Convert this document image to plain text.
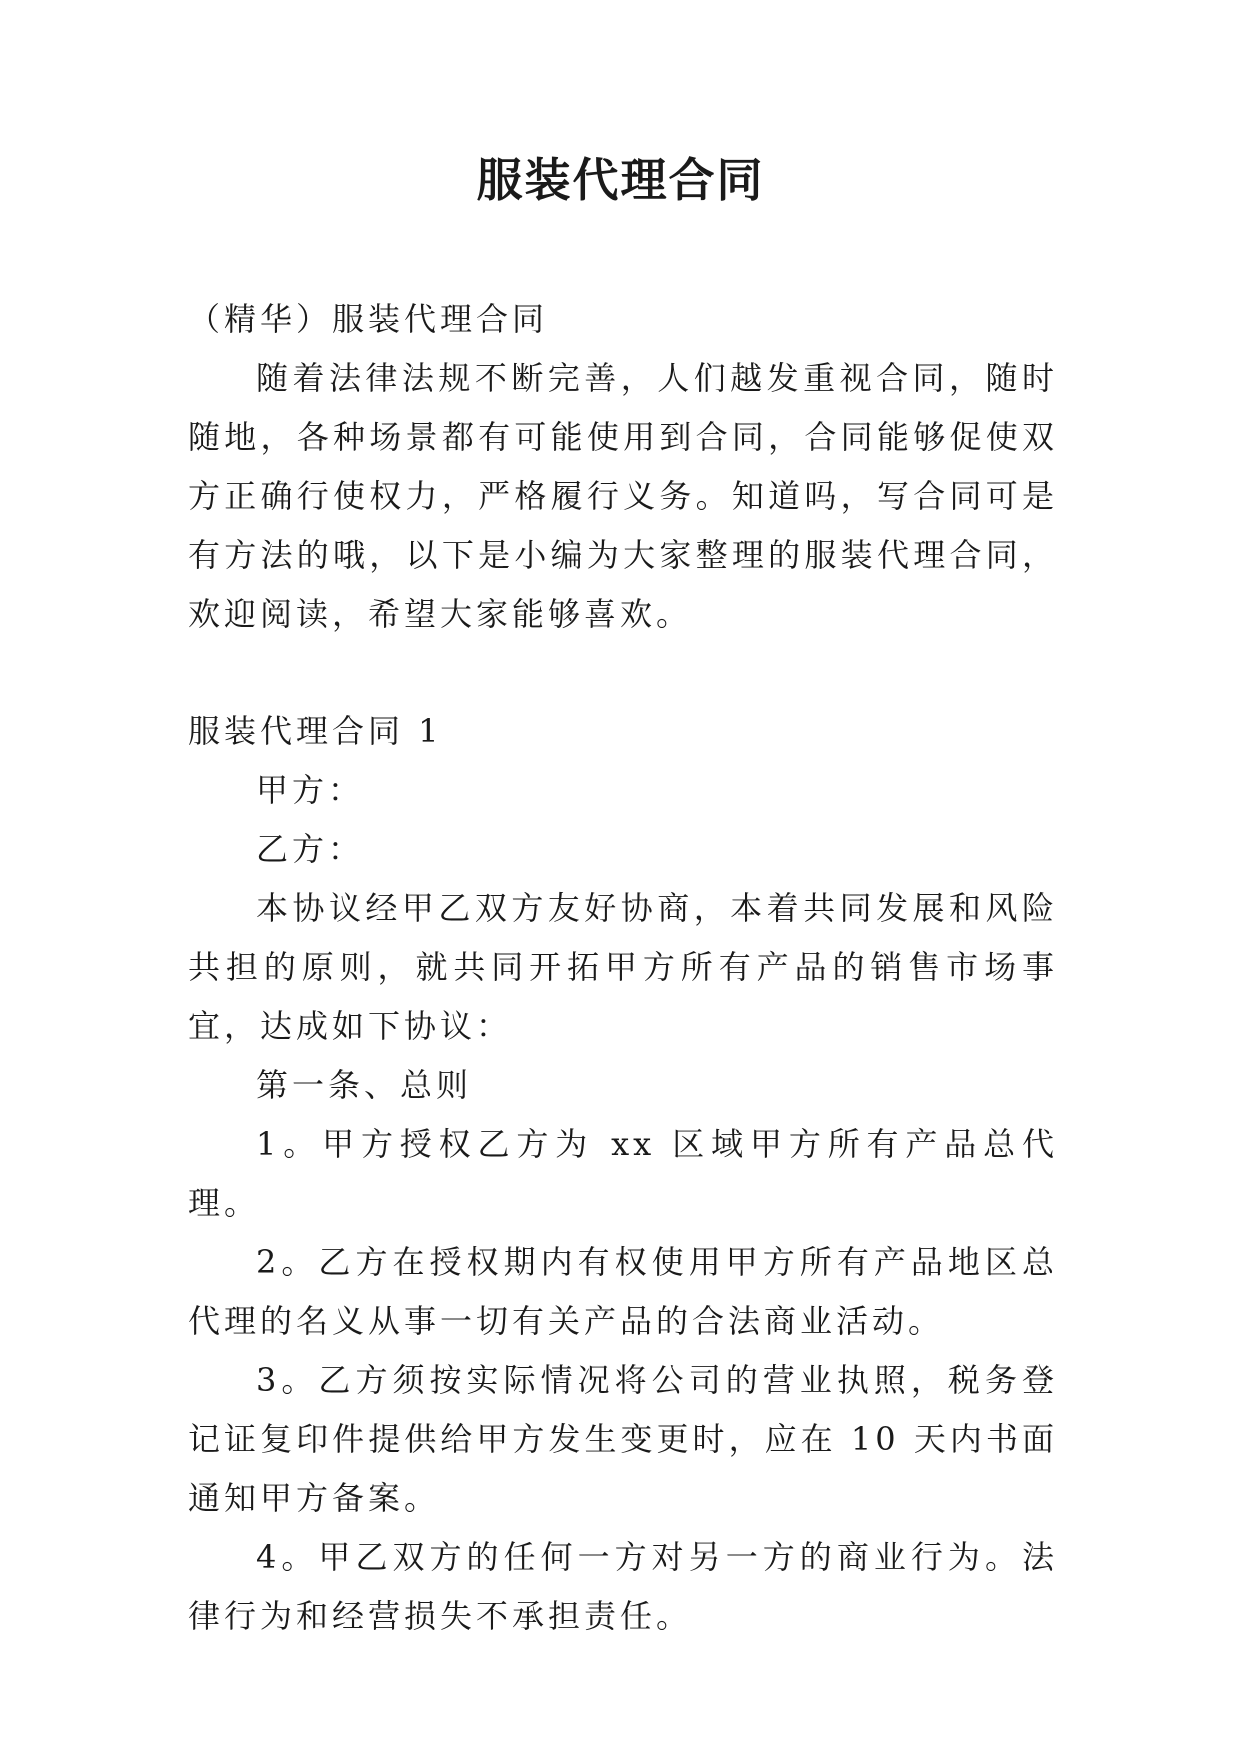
服装代理合同

（精华）服装代理合同

随着法律法规不断完善，人们越发重视合同，随时随地，各种场景都有可能使用到合同，合同能够促使双方正确行使权力，严格履行义务。知道吗，写合同可是有方法的哦，以下是小编为大家整理的服装代理合同，欢迎阅读，希望大家能够喜欢。

服装代理合同 1

甲方：

乙方：

本协议经甲乙双方友好协商，本着共同发展和风险共担的原则，就共同开拓甲方所有产品的销售市场事宜，达成如下协议：

第一条、总则

1。甲方授权乙方为 xx 区域甲方所有产品总代理。

2。乙方在授权期内有权使用甲方所有产品地区总代理的名义从事一切有关产品的合法商业活动。

3。乙方须按实际情况将公司的营业执照，税务登记证复印件提供给甲方发生变更时，应在 10 天内书面通知甲方备案。

4。甲乙双方的任何一方对另一方的商业行为。法律行为和经营损失不承担责任。
